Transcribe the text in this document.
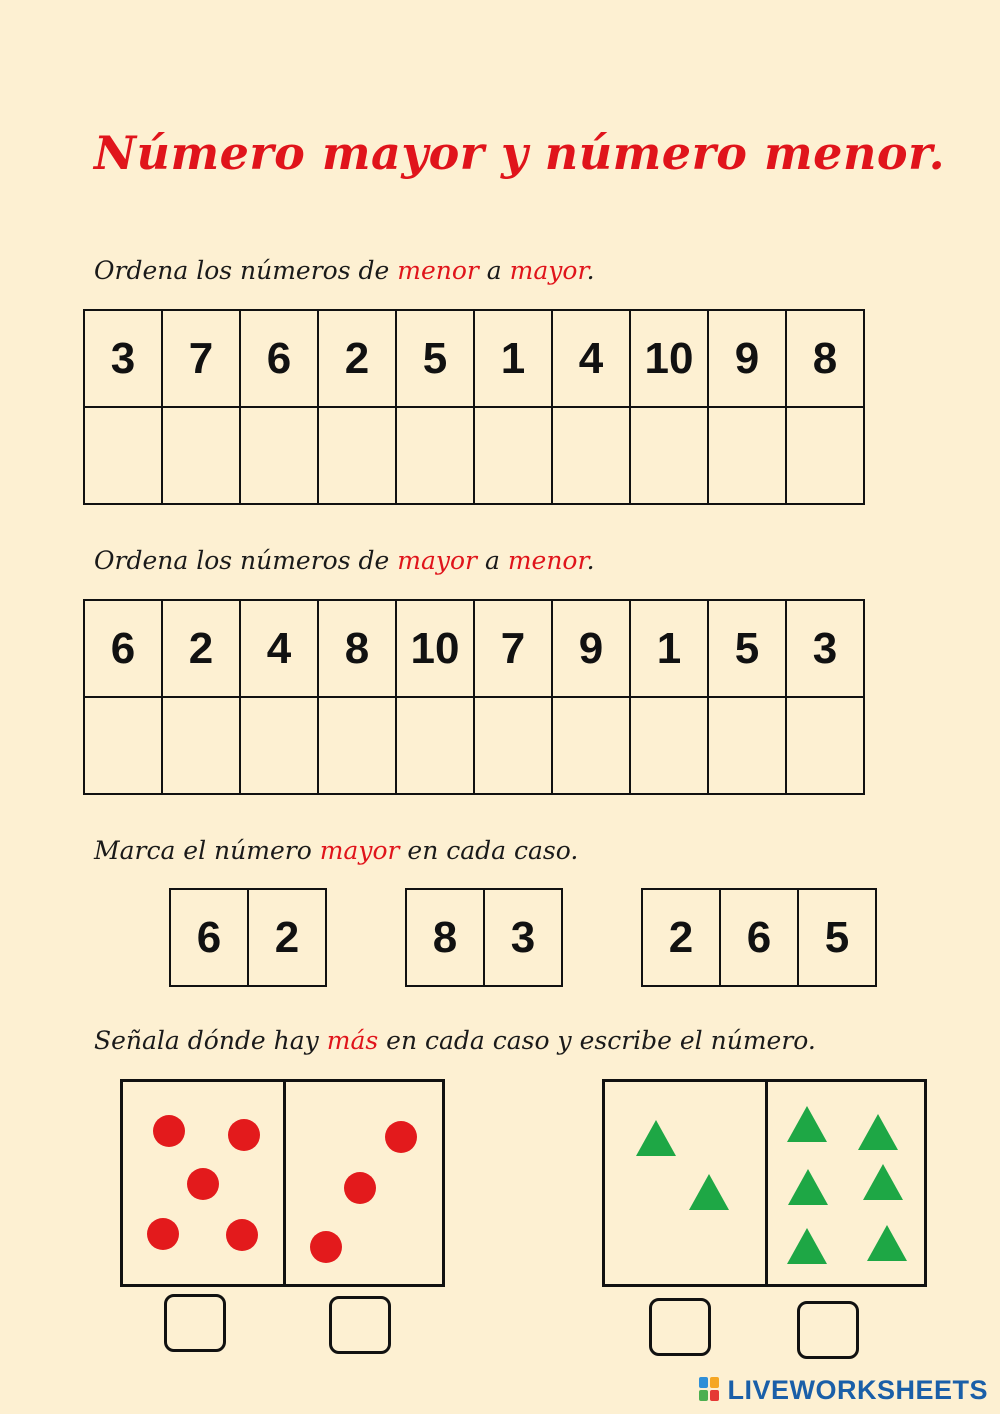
Número mayor y número menor.
Ordena los números de menor a mayor.
3	7	6	2	5	1	4	10	9	8

Ordena los números de mayor a menor.
6	2	4	8	10	7	9	1	5	3

Marca el número mayor en cada caso.
6	2	8	3	2	6	5
Señala dónde hay más en cada caso y escribe el número.
LIVEWORKSHEETS
